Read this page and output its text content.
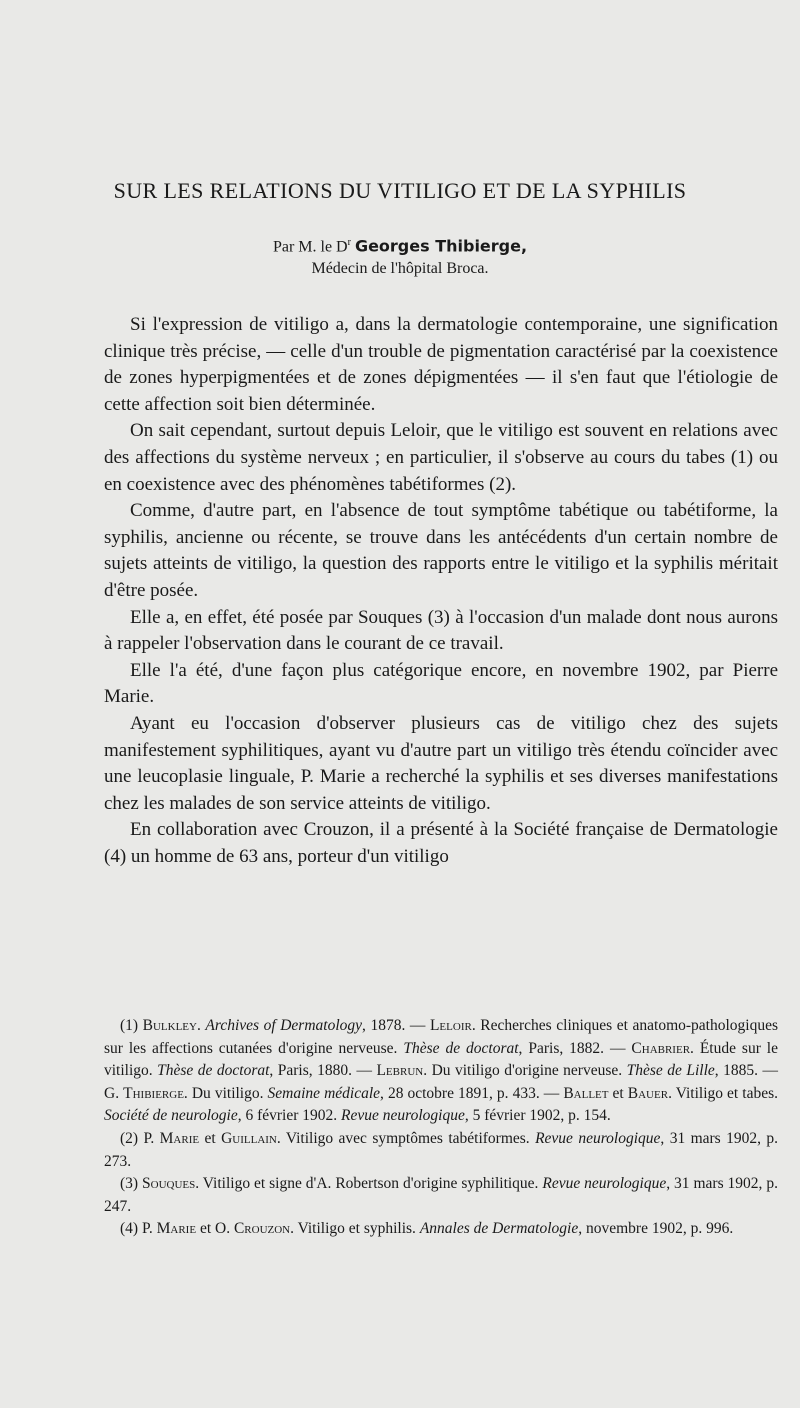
SUR LES RELATIONS DU VITILIGO ET DE LA SYPHILIS
Par M. le $D^r$ Georges Thibierge,
Médecin de l'hôpital Broca.

Si l'expression de vitiligo a, dans la dermatologie contemporaine, une signification clinique très précise, — celle d'un trouble de pigmentation caractérisé par la coexistence de zones hyperpigmentées et de zones dépigmentées — il s'en faut que l'étiologie de cette affection soit bien déterminée.

On sait cependant, surtout depuis Leloir, que le vitiligo est souvent en relations avec des affections du système nerveux ; en particulier, il s'observe au cours du tabes (1) ou en coexistence avec des phénomènes tabétiformes (2).

Comme, d'autre part, en l'absence de tout symptôme tabétique ou tabétiforme, la syphilis, ancienne ou récente, se trouve dans les antécédents d'un certain nombre de sujets atteints de vitiligo, la question des rapports entre le vitiligo et la syphilis méritait d'être posée.

Elle a, en effet, été posée par Souques (3) à l'occasion d'un malade dont nous aurons à rappeler l'observation dans le courant de ce travail.

Elle l'a été, d'une façon plus catégorique encore, en novembre 1902, par Pierre Marie.

Ayant eu l'occasion d'observer plusieurs cas de vitiligo chez des sujets manifestement syphilitiques, ayant vu d'autre part un vitiligo très étendu coïncider avec une leucoplasie linguale, P. Marie a recherché la syphilis et ses diverses manifestations chez les malades de son service atteints de vitiligo.

En collaboration avec Crouzon, il a présenté à la Société française de Dermatologie (4) un homme de 63 ans, porteur d'un vitiligo

(1) Bulkley. Archives of Dermatology, 1878. — Leloir. Recherches cliniques et anatomo-pathologiques sur les affections cutanées d'origine nerveuse. Thèse de doctorat, Paris, 1882. — Chabrier. Étude sur le vitiligo. Thèse de doctorat, Paris, 1880. — Lebrun. Du vitiligo d'origine nerveuse. Thèse de Lille, 1885. — G. Thibierge. Du vitiligo. Semaine médicale, 28 octobre 1891, p. 433. — Ballet et Bauer. Vitiligo et tabes. Société de neurologie, 6 février 1902. Revue neurologique, 5 février 1902, p. 154.

(2) P. Marie et Guillain. Vitiligo avec symptômes tabétiformes. Revue neurologique, 31 mars 1902, p. 273.

(3) Souques. Vitiligo et signe d'A. Robertson d'origine syphilitique. Revue neurologique, 31 mars 1902, p. 247.

(4) P. Marie et O. Crouzon. Vitiligo et syphilis. Annales de Dermatologie, novembre 1902, p. 996.
